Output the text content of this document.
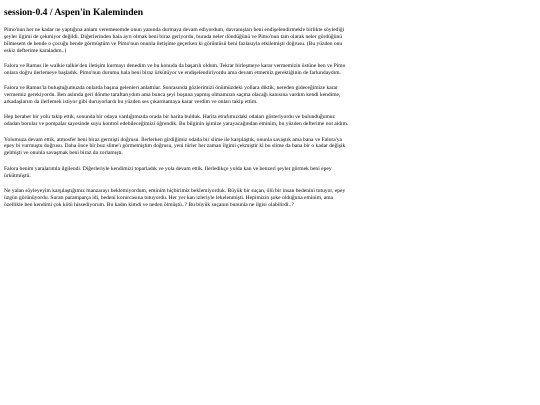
session-0.4 / Aspen'in Kaleminden

Pimo'nun her ne kadar ne yaptığına anlam veremesemde onun yanında durmaya devam ediyordum, davranışları beni endişelendirmekle birlikte söylediği şeyler ilgimi de çekmiyor değildi. Diğerlerinden hala ayrı olmak beni biraz geriyordu, burada neler döndüğünü ve Pimo'nun tam olarak neler gördüğünü bilmesem de bende o çocuğu bende görmüştüm ve Pimo'nun onunla iletişime geçerken ki görüntüsü beni fazlasıyla etkilemişti doğrusu. (Bu yüzden onu eskiz defterime karaladım..)

Falora ve Ramus ile walkie talkie'den iletişim kurmayı denedim ve bu konuda da başarılı oldum. Tekrar birleşmeye karar vermemizin üstüne ben ve Pimo onlara doğru ilerlemeye başladık. Pimo'nun durumu hala beni biraz ürkütüyor ve endişelendiriyordu ama devam etmemiz gerektiğinin de farkındaydım.

Falora ve Ramus'la buluştuğumuzda onlarda başına gelenleri anlattılar. Sonrasında gözlerimizi önümüzdeki yollara diktik, nereden gideceğimize karar vermemiz gerekiyordu. Ben aslında geri dönme taraftarıydım ama bunca şeyi boşuna yapmış olmamızın saçma olacağı kanısına vardım kendi kendime, arkadaşlarım da ilerlemek istiyor gibi duruyorlardı bu yüzden ses çıkarmamaya karar verdim ve onları takip ettim.

Hep beraber bir yolu takip ettik, sonunda bir odaya vardığımızda orada bir harita bulduk. Harita etrafımızdaki odaları gösteriyordu ve bulunduğumuz odadan borular ve pompalar sayesinde suyu kontrol edebileceğimizi öğrendik. Bu bilginin işimize yarayacağından eminim, bu yüzden defterime not aldım.

Yolumuza devam ettik, atmosfer beni biraz germişti doğrusu. İlerlerken girdiğimiz odada bir slime ile karşılaştık, onunla savaştık ama bana ve Falora'ya epey bi vurmuştu doğrusu. Daha önce bir buz slime'ı görmemiştim doğrusu, yeni türler her zaman ilgimi çekmiştir ki bu slime da bana bir o kadar değişik gelmişti ve onunla savaşmak beni biraz da zorlamıştı.

Falora benim yaralarımla ilgilendi. Diğerleriyle kendimizi toparladık ve yola devam ettik. Ilerledikçe yolda kan ve benzeri şeyler görmek beni epey ürkütmüştü.

Ne yalan söyleyeyim karşılaştığımız manzarayı beklemiyordum, eminim hiçbirimiz beklemiyorduk. Büyük bir suçan, ölü bir insan bedenini tutuyor, epey üzgün görünüyordu. Suratı paramparça idi, bedeni korurcasına tutuyordu. Her yer kan izleriyle lekelenmişti. Hepimizin şoke olduğuna eminim, ama özellikle ben kendimi çok kötü hissediyorum. Bu kadın kimdi ve neden ölmüştü..? Bu büyük suçanın bununla ne ilgisi olabilirdi..?
